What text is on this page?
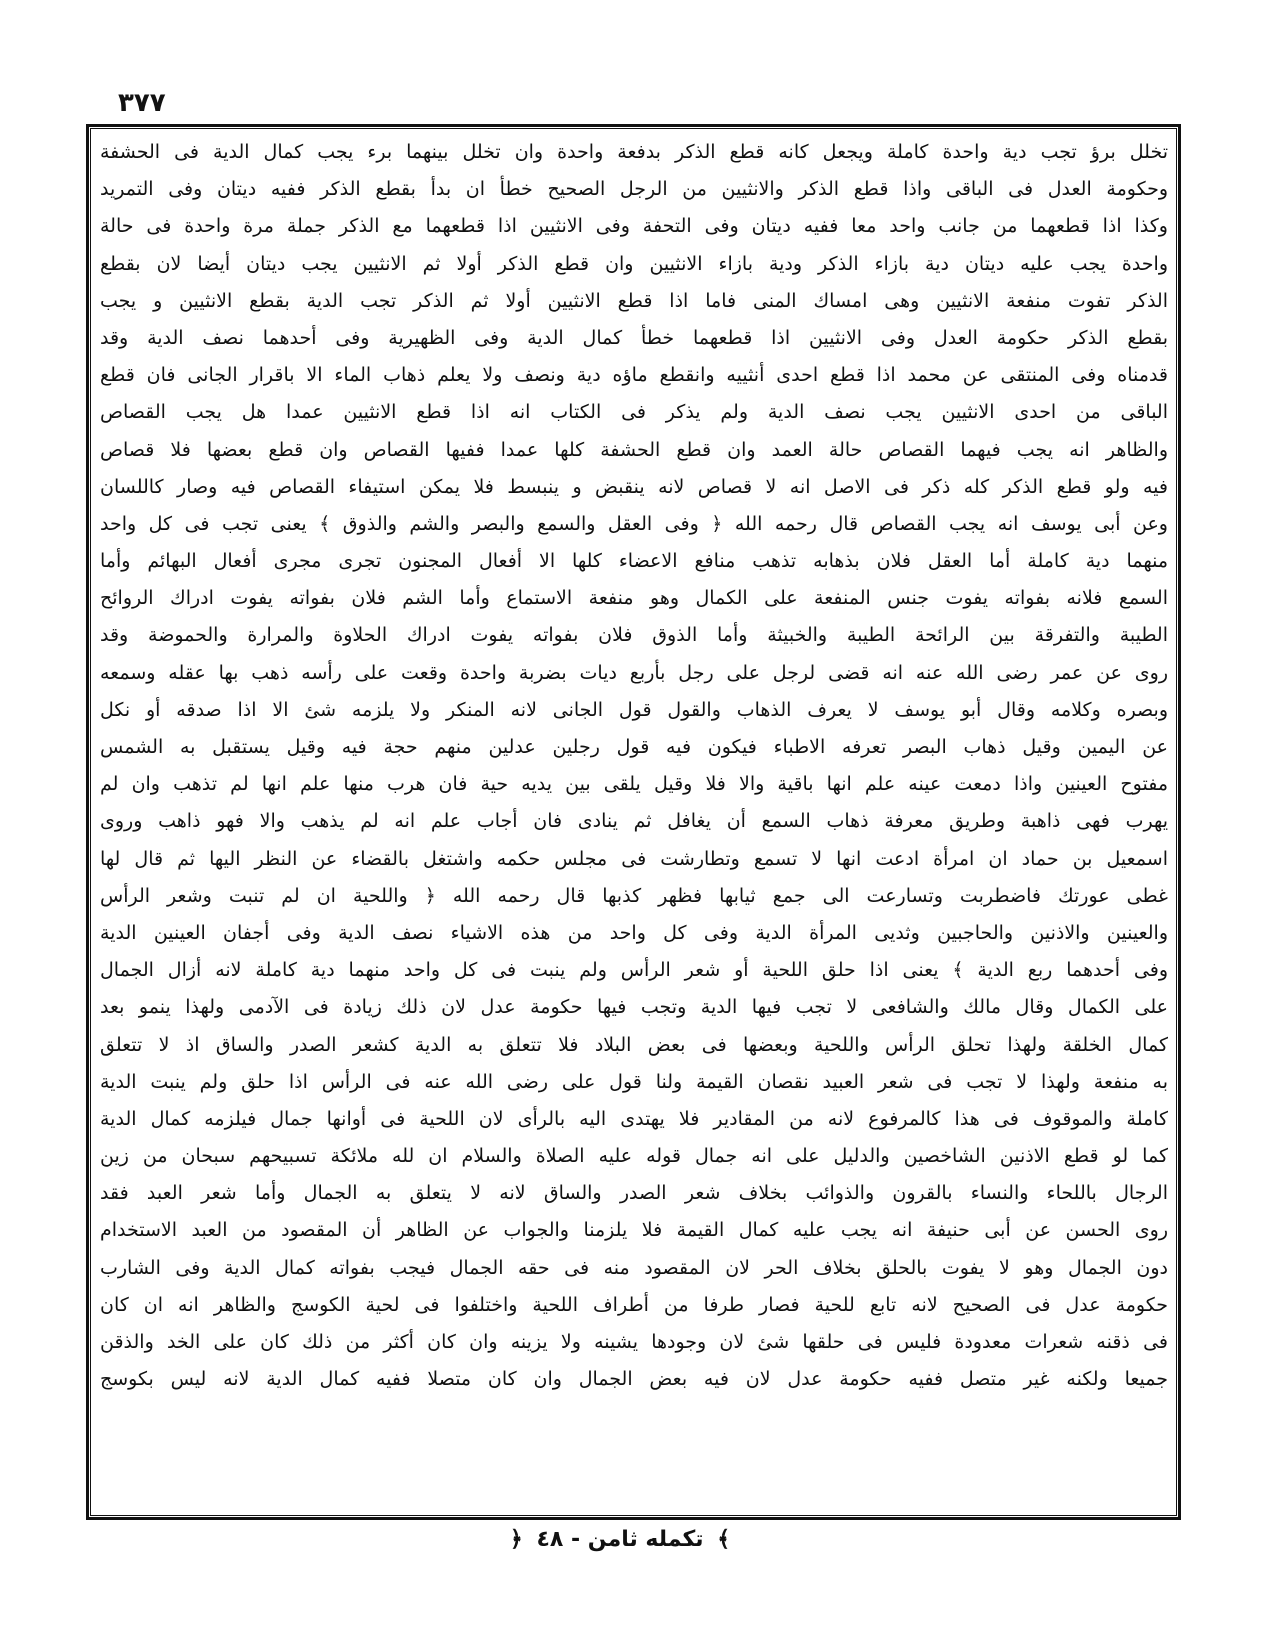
٣٧٧
تخلل برؤ تجب دية واحدة كاملة ويجعل كانه قطع الذكر بدفعة واحدة وان تخلل بينهما برء يجب كمال الدية فى الحشفة
وحكومة العدل فى الباقى واذا قطع الذكر والانثيين من الرجل الصحيح خطأ ان بدأ بقطع الذكر ففيه ديتان وفى التمريد
وكذا اذا قطعهما من جانب واحد معا ففيه ديتان وفى التحفة وفى الانثيين اذا قطعهما مع الذكر جملة مرة واحدة فى حالة
واحدة يجب عليه ديتان دية بازاء الذكر ودية بازاء الانثيين وان قطع الذكر أولا ثم الانثيين يجب ديتان أيضا لان بقطع
الذكر تفوت منفعة الانثيين وهى امساك المنى فاما اذا قطع الانثيين أولا ثم الذكر تجب الدية بقطع الانثيين و يجب
بقطع الذكر حكومة العدل وفى الانثيين اذا قطعهما خطأ كمال الدية وفى الظهيرية وفى أحدهما نصف الدية وقد
قدمناه وفى المنتقى عن محمد اذا قطع احدى أنثييه وانقطع ماؤه دية ونصف ولا يعلم ذهاب الماء الا باقرار الجانى فان قطع
الباقى من احدى الانثيين يجب نصف الدية ولم يذكر فى الكتاب انه اذا قطع الانثيين عمدا هل يجب القصاص
والظاهر انه يجب فيهما القصاص حالة العمد وان قطع الحشفة كلها عمدا ففيها القصاص وان قطع بعضها فلا قصاص
فيه ولو قطع الذكر كله ذكر فى الاصل انه لا قصاص لانه ينقبض و ينبسط فلا يمكن استيفاء القصاص فيه وصار كاللسان
وعن أبى يوسف انه يجب القصاص قال رحمه الله ﴿ وفى العقل والسمع والبصر والشم والذوق ﴾ يعنى تجب فى كل واحد
منهما دية كاملة أما العقل فلان بذهابه تذهب منافع الاعضاء كلها الا أفعال المجنون تجرى مجرى أفعال البهائم وأما
السمع فلانه بفواته يفوت جنس المنفعة على الكمال وهو منفعة الاستماع وأما الشم فلان بفواته يفوت ادراك الروائح
الطيبة والتفرقة بين الرائحة الطيبة والخبيثة وأما الذوق فلان بفواته يفوت ادراك الحلاوة والمرارة والحموضة وقد
روى عن عمر رضى الله عنه انه قضى لرجل على رجل بأربع ديات بضربة واحدة وقعت على رأسه ذهب بها عقله وسمعه
وبصره وكلامه وقال أبو يوسف لا يعرف الذهاب والقول قول الجانى لانه المنكر ولا يلزمه شئ الا اذا صدقه أو نكل
عن اليمين وقيل ذهاب البصر تعرفه الاطباء فيكون فيه قول رجلين عدلين منهم حجة فيه وقيل يستقبل به الشمس
مفتوح العينين واذا دمعت عينه علم انها باقية والا فلا وقيل يلقى بين يديه حية فان هرب منها علم انها لم تذهب وان لم
يهرب فهى ذاهبة وطريق معرفة ذهاب السمع أن يغافل ثم ينادى فان أجاب علم انه لم يذهب والا فهو ذاهب وروى
اسمعيل بن حماد ان امرأة ادعت انها لا تسمع وتطارشت فى مجلس حكمه واشتغل بالقضاء عن النظر اليها ثم قال لها
غطى عورتك فاضطربت وتسارعت الى جمع ثيابها فظهر كذبها قال رحمه الله ﴿ واللحية ان لم تنبت وشعر الرأس
والعينين والاذنين والحاجبين وثديى المرأة الدية وفى كل واحد من هذه الاشياء نصف الدية وفى أجفان العينين الدية
وفى أحدهما ربع الدية ﴾ يعنى اذا حلق اللحية أو شعر الرأس ولم ينبت فى كل واحد منهما دية كاملة لانه أزال الجمال
على الكمال وقال مالك والشافعى لا تجب فيها الدية وتجب فيها حكومة عدل لان ذلك زيادة فى الآدمى ولهذا ينمو بعد
كمال الخلقة ولهذا تحلق الرأس واللحية وبعضها فى بعض البلاد فلا تتعلق به الدية كشعر الصدر والساق اذ لا تتعلق
به منفعة ولهذا لا تجب فى شعر العبيد نقصان القيمة ولنا قول على رضى الله عنه فى الرأس اذا حلق ولم ينبت الدية
كاملة والموقوف فى هذا كالمرفوع لانه من المقادير فلا يهتدى اليه بالرأى لان اللحية فى أوانها جمال فيلزمه كمال الدية
كما لو قطع الاذنين الشاخصين والدليل على انه جمال قوله عليه الصلاة والسلام ان لله ملائكة تسبيحهم سبحان من زين
الرجال باللحاء والنساء بالقرون والذوائب بخلاف شعر الصدر والساق لانه لا يتعلق به الجمال وأما شعر العبد فقد
روى الحسن عن أبى حنيفة انه يجب عليه كمال القيمة فلا يلزمنا والجواب عن الظاهر أن المقصود من العبد الاستخدام
دون الجمال وهو لا يفوت بالحلق بخلاف الحر لان المقصود منه فى حقه الجمال فيجب بفواته كمال الدية وفى الشارب
حكومة عدل فى الصحيح لانه تابع للحية فصار طرفا من أطراف اللحية واختلفوا فى لحية الكوسج والظاهر انه ان كان
فى ذقنه شعرات معدودة فليس فى حلقها شئ لان وجودها يشينه ولا يزينه وان كان أكثر من ذلك كان على الخد والذقن
جميعا ولكنه غير متصل ففيه حكومة عدل لان فيه بعض الجمال وان كان متصلا ففيه كمال الدية لانه ليس بكوسج
﴾ تكمله ثامن - ٤٨ ﴿
